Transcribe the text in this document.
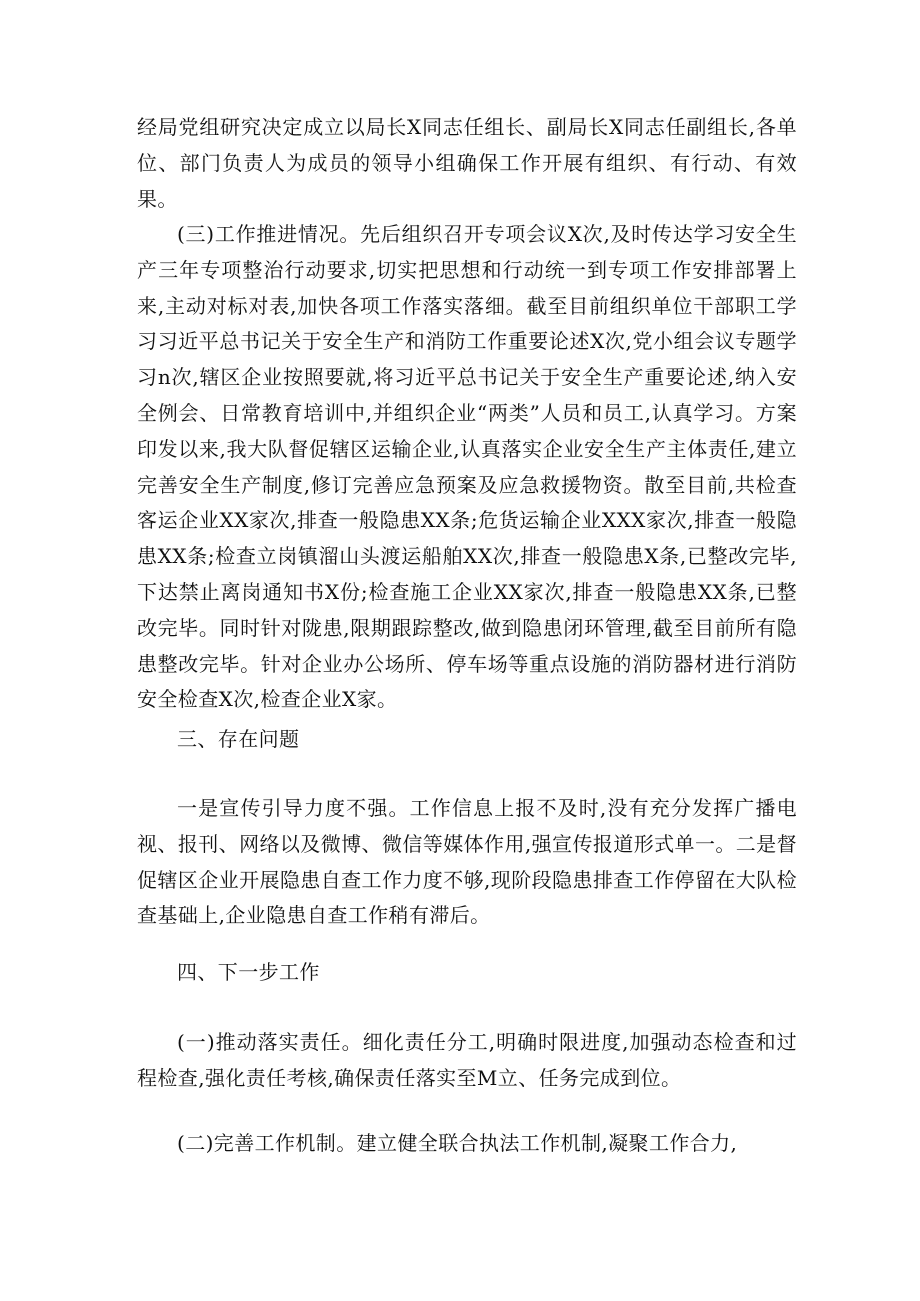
经局党组研究决定成立以局长X同志任组长、副局长X同志任副组长,各单位、部门负责人为成员的领导小组确保工作开展有组织、有行动、有效果。

(三)工作推进情况。先后组织召开专项会议X次,及时传达学习安全生产三年专项整治行动要求,切实把思想和行动统一到专项工作安排部署上来,主动对标对表,加快各项工作落实落细。截至目前组织单位干部职工学习习近平总书记关于安全生产和消防工作重要论述X次,党小组会议专题学习n次,辖区企业按照要就,将习近平总书记关于安全生产重要论述,纳入安全例会、日常教育培训中,并组织企业“两类”人员和员工,认真学习。方案印发以来,我大队督促辖区运输企业,认真落实企业安全生产主体责任,建立完善安全生产制度,修订完善应急预案及应急救援物资。散至目前,共检查客运企业XX家次,排查一般隐患XX条;危货运输企业XXX家次,排查一般隐患XX条;检查立岗镇溜山头渡运船舶XX次,排查一般隐患X条,已整改完毕,下达禁止离岗通知书X份;检查施工企业XX家次,排查一般隐患XX条,已整改完毕。同时针对陇患,限期跟踪整改,做到隐患闭环管理,截至目前所有隐患整改完毕。针对企业办公场所、停车场等重点设施的消防器材进行消防安全检查X次,检查企业X家。

三、存在问题

一是宣传引导力度不强。工作信息上报不及时,没有充分发挥广播电视、报刊、网络以及微博、微信等媒体作用,强宣传报道形式单一。二是督促辖区企业开展隐患自查工作力度不够,现阶段隐患排查工作停留在大队检查基础上,企业隐患自查工作稍有滞后。

四、下一步工作

(一)推动落实责任。细化责任分工,明确时限进度,加强动态检查和过程检查,强化责任考核,确保责任落实至M立、任务完成到位。

(二)完善工作机制。建立健全联合执法工作机制,凝聚工作合力,
